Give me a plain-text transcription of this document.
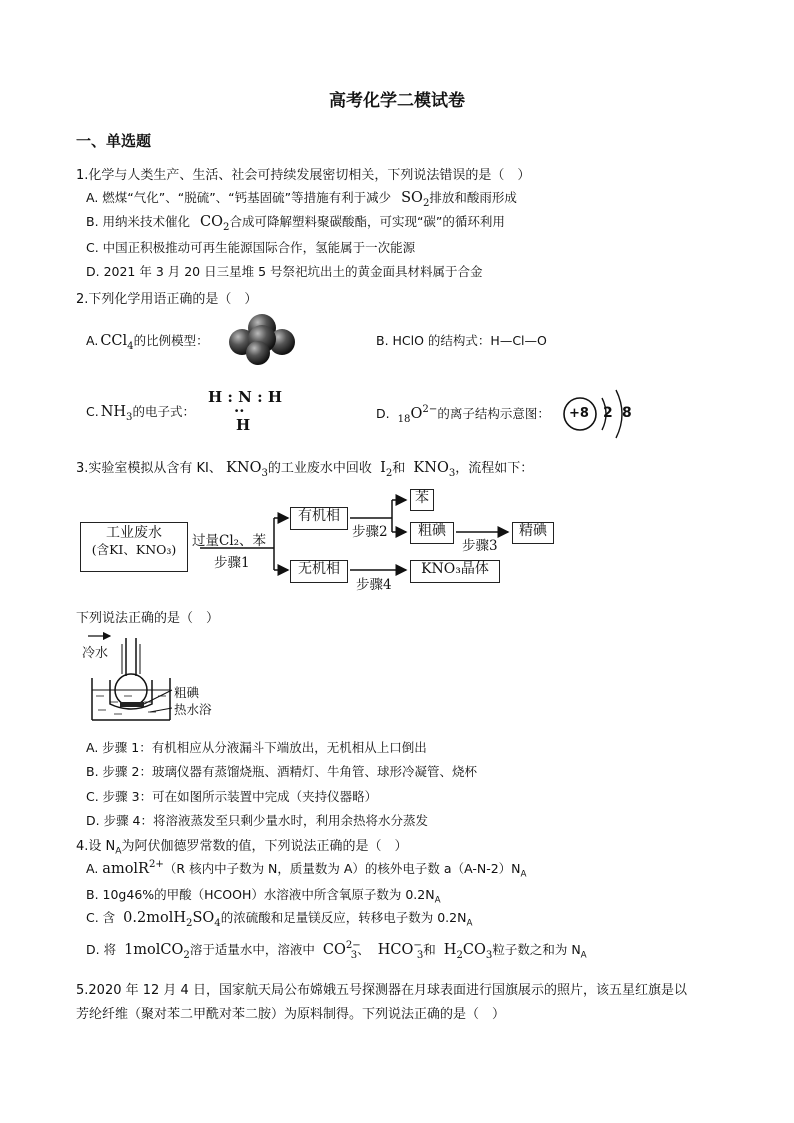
高考化学二模试卷
一、单选题
1.化学与人类生产、生活、社会可持续发展密切相关，下列说法错误的是（　）
A. 燃煤“气化”、“脱硫”、“钙基固硫”等措施有利于减少 $SO_2$排放和酸雨形成
B. 用纳米技术催化 $CO_2$合成可降解塑料聚碳酸酯，可实现“碳”的循环利用
C. 中国正积极推动可再生能源国际合作，氢能属于一次能源
D. 2021 年 3 月 20 日三星堆 5 号祭祀坑出土的黄金面具材料属于合金
2.下列化学用语正确的是（　）
A. CCl$_4$的比例模型：	B. HClO 的结构式：H—Cl—O
C. $NH_3$的电子式：
H : N : H
··
H
D. $_{18}O^{2-}$的离子结构示意图： +8 2 8
3.实验室模拟从含有 KI、 $KNO_3$的工业废水中回收 $I_2$和 $KNO_3$，流程如下：
工业废水
(含KI、KNO₃)
过量Cl₂、苯
步骤1
有机相
无机相
步骤2
苯
粗碘
步骤3
精碘
步骤4
KNO₃晶体
下列说法正确的是（　）
冷水
粗碘
热水浴
A. 步骤 1：有机相应从分液漏斗下端放出，无机相从上口倒出
B. 步骤 2：玻璃仪器有蒸馏烧瓶、酒精灯、牛角管、球形冷凝管、烧杯
C. 步骤 3：可在如图所示装置中完成（夹持仪器略）
D. 步骤 4：将溶液蒸发至只剩少量水时，利用余热将水分蒸发
4.设 $N_A$为阿伏伽德罗常数的值，下列说法正确的是（　）
A. amolR$^{2+}$（R 核内中子数为 N，质量数为 A）的核外电子数 $a(A-N-2)N_A$
B. 10g46%的甲酸（HCOOH）水溶液中所含氧原子数为 $0.2N_A$
C. 含 $0.2molH_2SO_4$的浓硫酸和足量镁反应，转移电子数为 $0.2N_A$
D. 将 1molCO$_2$溶于适量水中，溶液中 $CO^{2-}_3$、 $HCO^-_3$和 $H_2CO_3$粒子数之和为 $N_A$
5.2020 年 12 月 4 日，国家航天局公布嫦娥五号探测器在月球表面进行国旗展示的照片，该五星红旗是以
芳纶纤维（聚对苯二甲酰对苯二胺）为原料制得。下列说法正确的是（　）
